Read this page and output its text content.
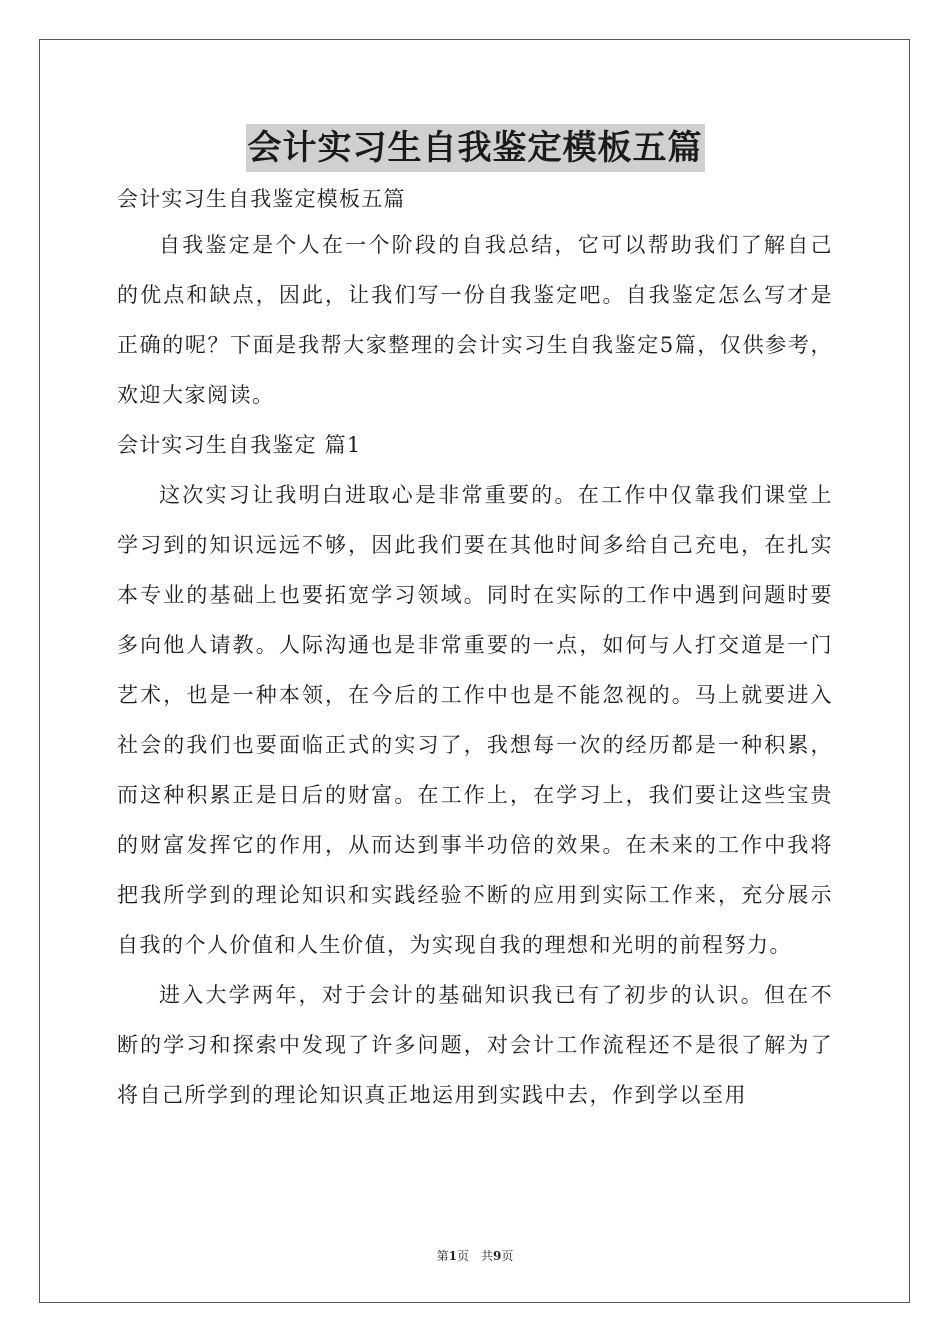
会计实习生自我鉴定模板五篇

会计实习生自我鉴定模板五篇

自我鉴定是个人在一个阶段的自我总结，它可以帮助我们了解自己的优点和缺点，因此，让我们写一份自我鉴定吧。自我鉴定怎么写才是正确的呢？下面是我帮大家整理的会计实习生自我鉴定5篇，仅供参考，欢迎大家阅读。

会计实习生自我鉴定 篇1

这次实习让我明白进取心是非常重要的。在工作中仅靠我们课堂上学习到的知识远远不够，因此我们要在其他时间多给自己充电，在扎实本专业的基础上也要拓宽学习领域。同时在实际的工作中遇到问题时要多向他人请教。人际沟通也是非常重要的一点，如何与人打交道是一门艺术，也是一种本领，在今后的工作中也是不能忽视的。马上就要进入社会的我们也要面临正式的实习了，我想每一次的经历都是一种积累，而这种积累正是日后的财富。在工作上，在学习上，我们要让这些宝贵的财富发挥它的作用，从而达到事半功倍的效果。在未来的工作中我将把我所学到的理论知识和实践经验不断的应用到实际工作来，充分展示自我的个人价值和人生价值，为实现自我的理想和光明的前程努力。

进入大学两年，对于会计的基础知识我已有了初步的认识。但在不断的学习和探索中发现了许多问题，对会计工作流程还不是很了解为了将自己所学到的理论知识真正地运用到实践中去，作到学以至用

第1页　共9页
